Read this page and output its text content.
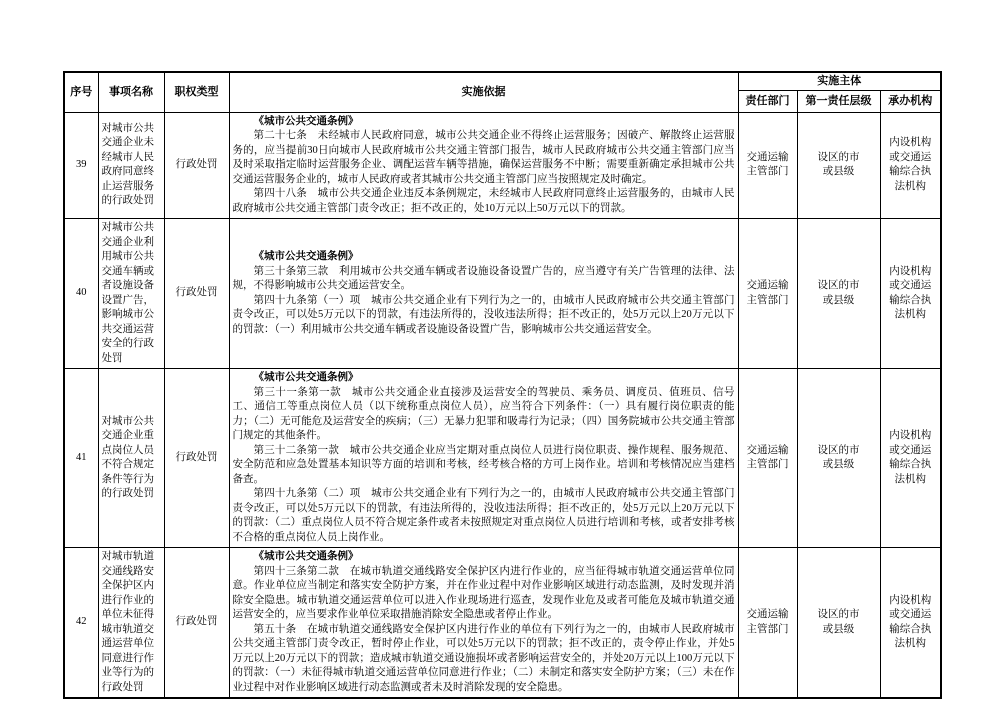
序号	事项名称	职权类型	实施依据	实施主体		
				责任部门	第一责任层级	承办机构
39	对城市公共交通企业未经城市人民政府同意终止运营服务的行政处罚	行政处罚	《城市公共交通条例》
第二十七条　未经城市人民政府同意，城市公共交通企业不得终止运营服务；因破产、解散终止运营服务的，应当提前30日向城市人民政府城市公共交通主管部门报告，城市人民政府城市公共交通主管部门应当及时采取指定临时运营服务企业、调配运营车辆等措施，确保运营服务不中断；需要重新确定承担城市公共交通运营服务企业的，城市人民政府或者其城市公共交通主管部门应当按照规定及时确定。
第四十八条　城市公共交通企业违反本条例规定，未经城市人民政府同意终止运营服务的，由城市人民政府城市公共交通主管部门责令改正；拒不改正的，处10万元以上50万元以下的罚款。	交通运输主管部门	设区的市或县级	内设机构或交通运输综合执法机构
40	对城市公共交通企业利用城市公共交通车辆或者设施设备设置广告，影响城市公共交通运营安全的行政处罚	行政处罚	《城市公共交通条例》
第三十条第三款　利用城市公共交通车辆或者设施设备设置广告的，应当遵守有关广告管理的法律、法规，不得影响城市公共交通运营安全。
第四十九条第（一）项　城市公共交通企业有下列行为之一的，由城市人民政府城市公共交通主管部门责令改正，可以处5万元以下的罚款，有违法所得的，没收违法所得；拒不改正的，处5万元以上20万元以下的罚款：（一）利用城市公共交通车辆或者设施设备设置广告，影响城市公共交通运营安全。	交通运输主管部门	设区的市或县级	内设机构或交通运输综合执法机构
41	对城市公共交通企业重点岗位人员不符合规定条件等行为的行政处罚	行政处罚	《城市公共交通条例》
第三十一条第一款　城市公共交通企业直接涉及运营安全的驾驶员、乘务员、调度员、值班员、信号工、通信工等重点岗位人员（以下统称重点岗位人员），应当符合下列条件：（一）具有履行岗位职责的能力；（二）无可能危及运营安全的疾病；（三）无暴力犯罪和吸毒行为记录；（四）国务院城市公共交通主管部门规定的其他条件。
第三十二条第一款　城市公共交通企业应当定期对重点岗位人员进行岗位职责、操作规程、服务规范、安全防范和应急处置基本知识等方面的培训和考核，经考核合格的方可上岗作业。培训和考核情况应当建档备查。
第四十九条第（二）项　城市公共交通企业有下列行为之一的，由城市人民政府城市公共交通主管部门责令改正，可以处5万元以下的罚款，有违法所得的，没收违法所得；拒不改正的，处5万元以上20万元以下的罚款：（二）重点岗位人员不符合规定条件或者未按照规定对重点岗位人员进行培训和考核，或者安排考核不合格的重点岗位人员上岗作业。	交通运输主管部门	设区的市或县级	内设机构或交通运输综合执法机构
42	对城市轨道交通线路安全保护区内进行作业的单位未征得城市轨道交通运营单位同意进行作业等行为的行政处罚	行政处罚	《城市公共交通条例》
第四十三条第二款　在城市轨道交通线路安全保护区内进行作业的，应当征得城市轨道交通运营单位同意。作业单位应当制定和落实安全防护方案，并在作业过程中对作业影响区域进行动态监测，及时发现并消除安全隐患。城市轨道交通运营单位可以进入作业现场进行巡查，发现作业危及或者可能危及城市轨道交通运营安全的，应当要求作业单位采取措施消除安全隐患或者停止作业。
第五十条　在城市轨道交通线路安全保护区内进行作业的单位有下列行为之一的，由城市人民政府城市公共交通主管部门责令改正，暂时停止作业，可以处5万元以下的罚款；拒不改正的，责令停止作业，并处5万元以上20万元以下的罚款；造成城市轨道交通设施损坏或者影响运营安全的，并处20万元以上100万元以下的罚款：（一）未征得城市轨道交通运营单位同意进行作业；（二）未制定和落实安全防护方案；（三）未在作业过程中对作业影响区域进行动态监测或者未及时消除发现的安全隐患。	交通运输主管部门	设区的市或县级	内设机构或交通运输综合执法机构
